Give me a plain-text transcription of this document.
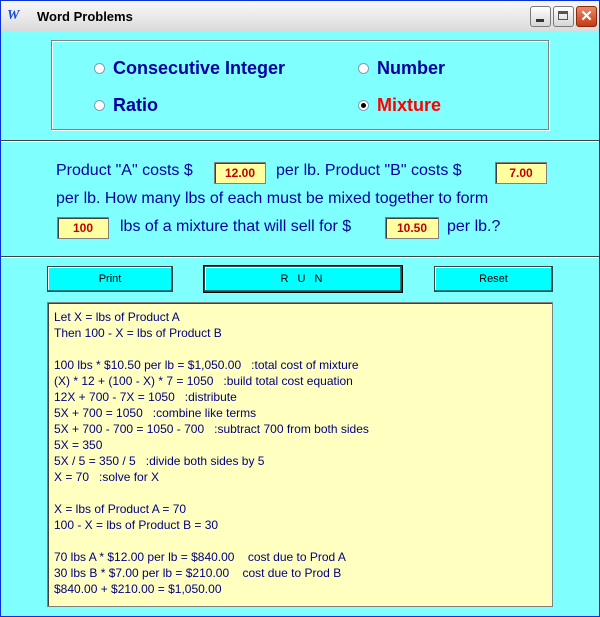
W Word Problems	✕
Consecutive Integer	Number
Ratio	Mixture
Product "A" costs $	12.00	per lb. Product "B" costs $	7.00
per lb. How many lbs of each must be mixed together to form
100	lbs of a mixture that will sell for $	10.50	per lb.?
Print	R U N	Reset
Let X = lbs of Product A
Then 100 - X = lbs of Product B
100 lbs * $10.50 per lb = $1,050.00   :total cost of mixture
(X) * 12 + (100 - X) * 7 = 1050   :build total cost equation
12X + 700 - 7X = 1050   :distribute
5X + 700 = 1050   :combine like terms
5X + 700 - 700 = 1050 - 700   :subtract 700 from both sides
5X = 350
5X / 5 = 350 / 5   :divide both sides by 5
X = 70   :solve for X
X = lbs of Product A = 70
100 - X = lbs of Product B = 30
70 lbs A * $12.00 per lb = $840.00    cost due to Prod A
30 lbs B * $7.00 per lb = $210.00    cost due to Prod B
$840.00 + $210.00 = $1,050.00
